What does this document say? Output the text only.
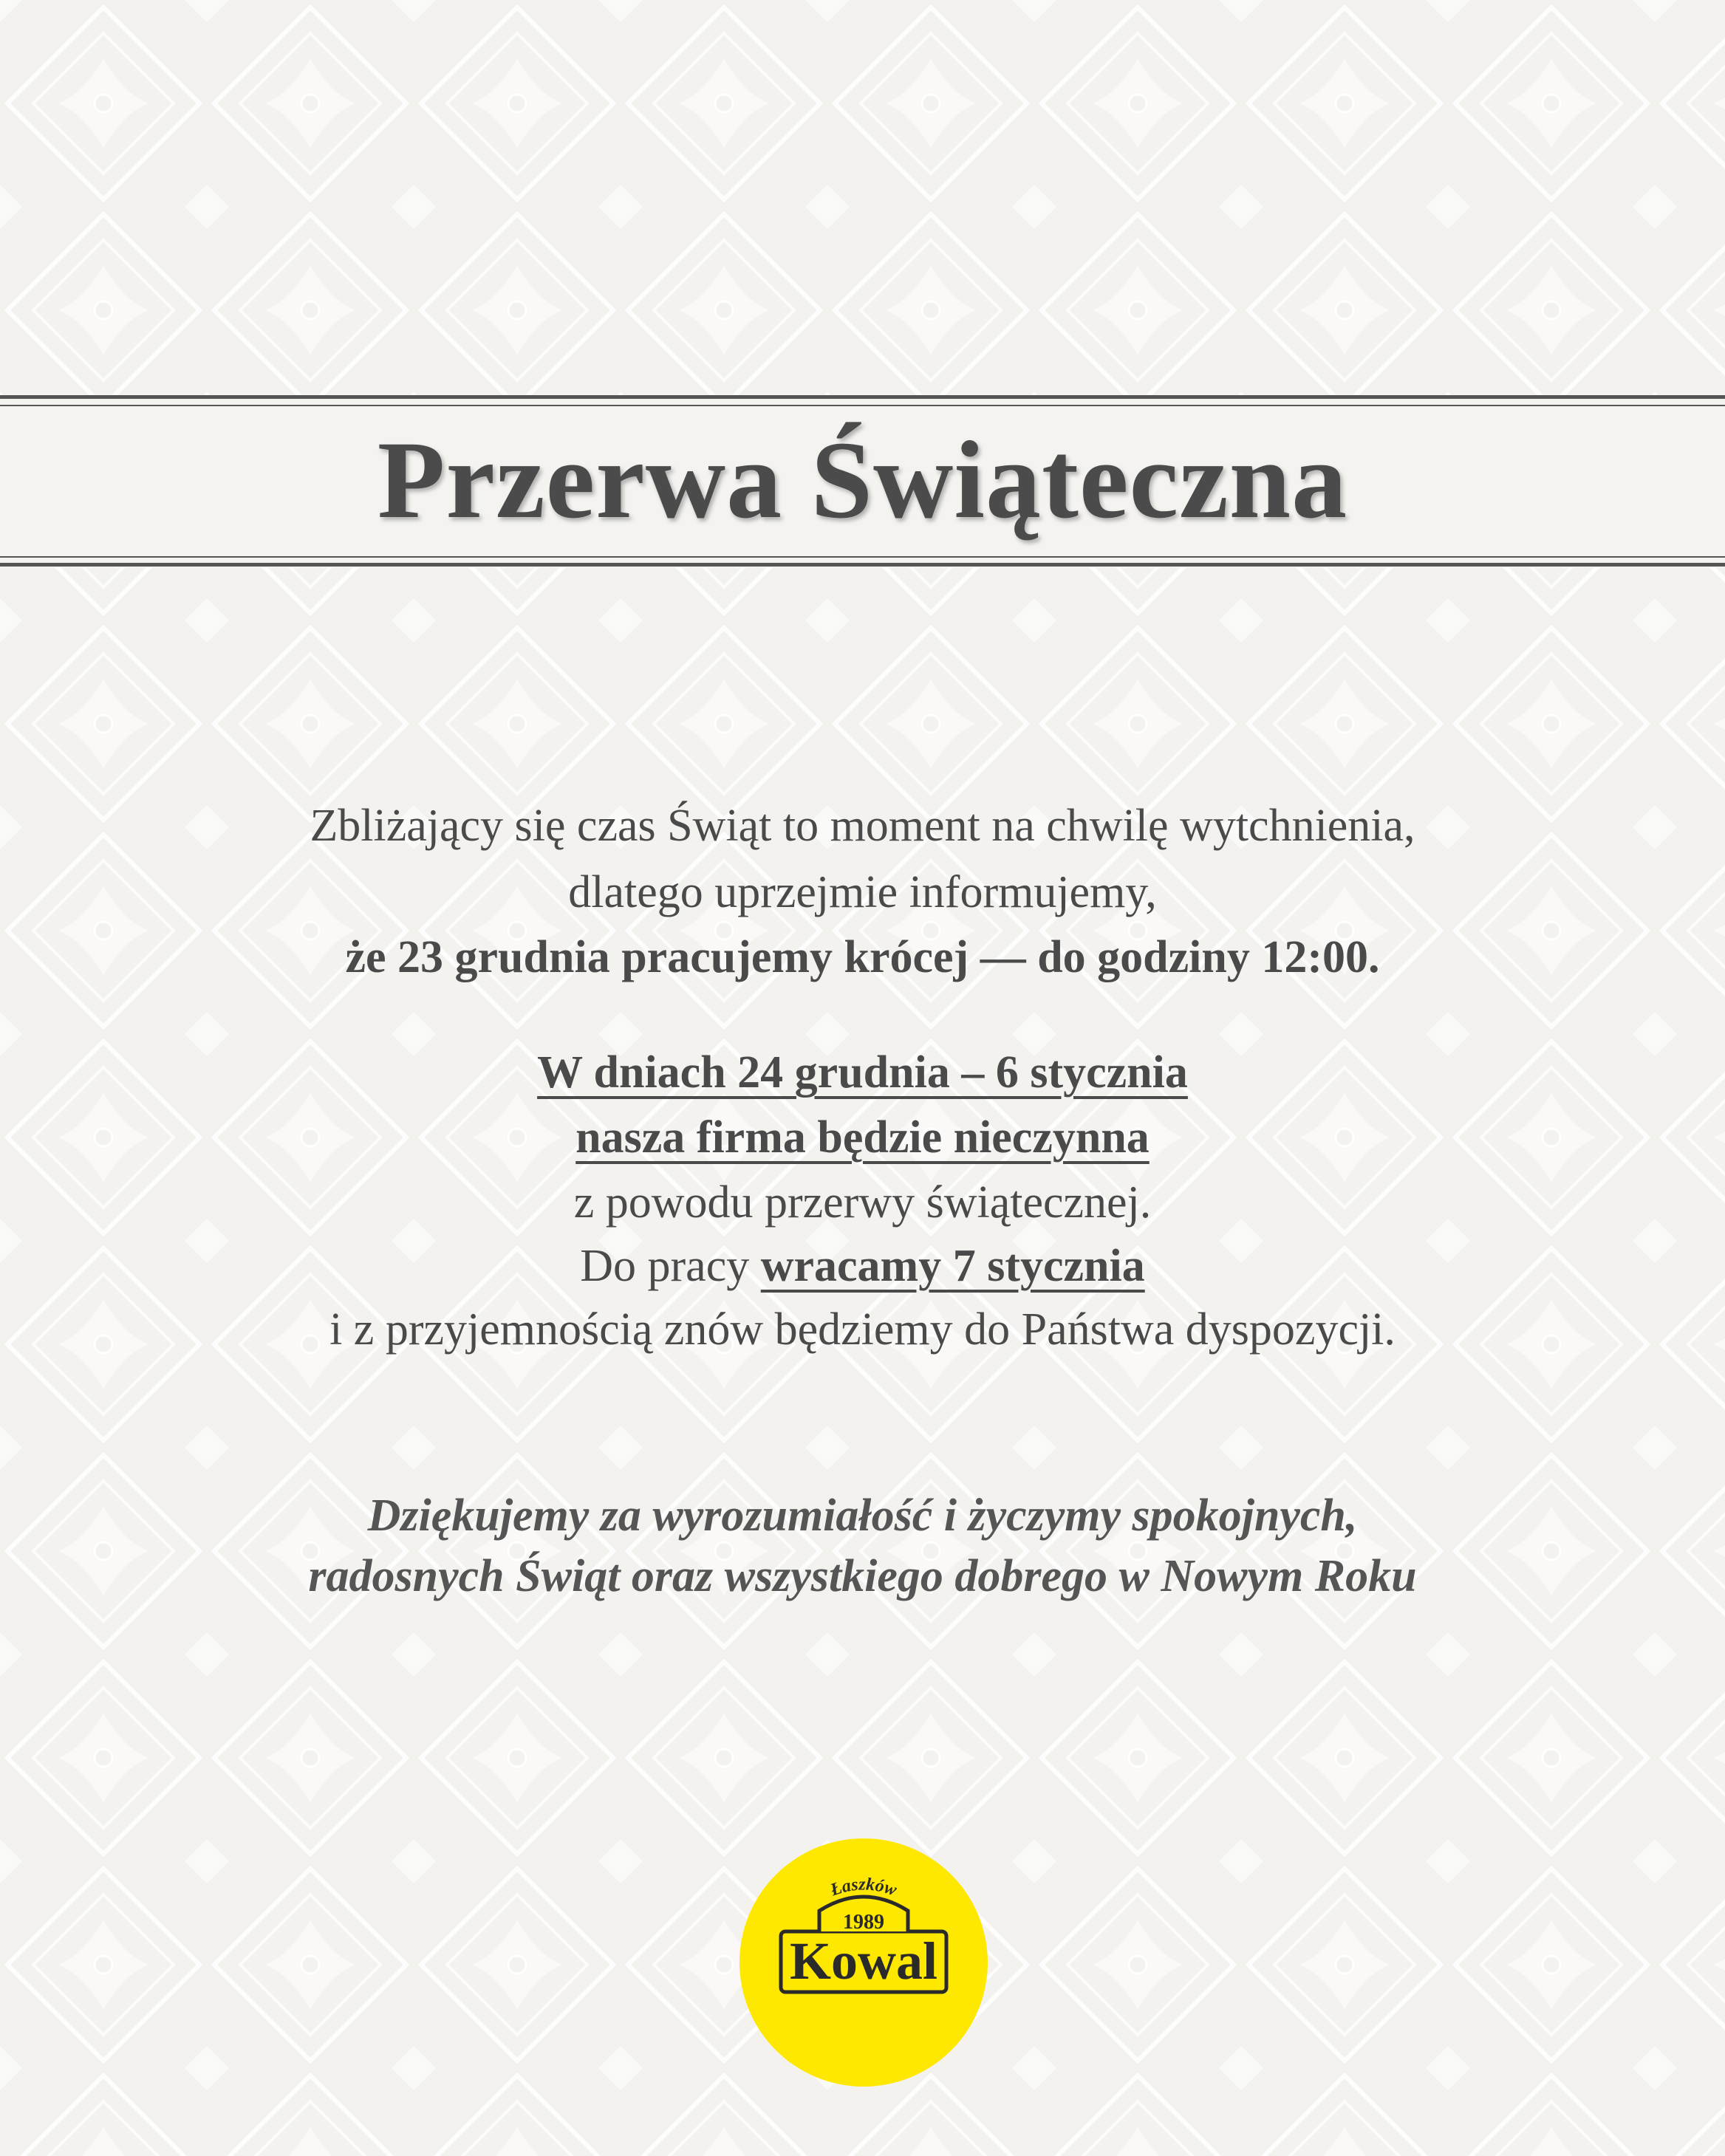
Przerwa Świąteczna
Zbliżający się czas Świąt to moment na chwilę wytchnienia,
dlatego uprzejmie informujemy,
że 23 grudnia pracujemy krócej — do godziny 12:00.
W dniach 24 grudnia – 6 stycznia
nasza firma będzie nieczynna
z powodu przerwy świątecznej.
Do pracy wracamy 7 stycznia
i z przyjemnością znów będziemy do Państwa dyspozycji.
Dziękujemy za wyrozumiałość i życzymy spokojnych,
radosnych Świąt oraz wszystkiego dobrego w Nowym Roku
Łaszków
1989
Kowal
